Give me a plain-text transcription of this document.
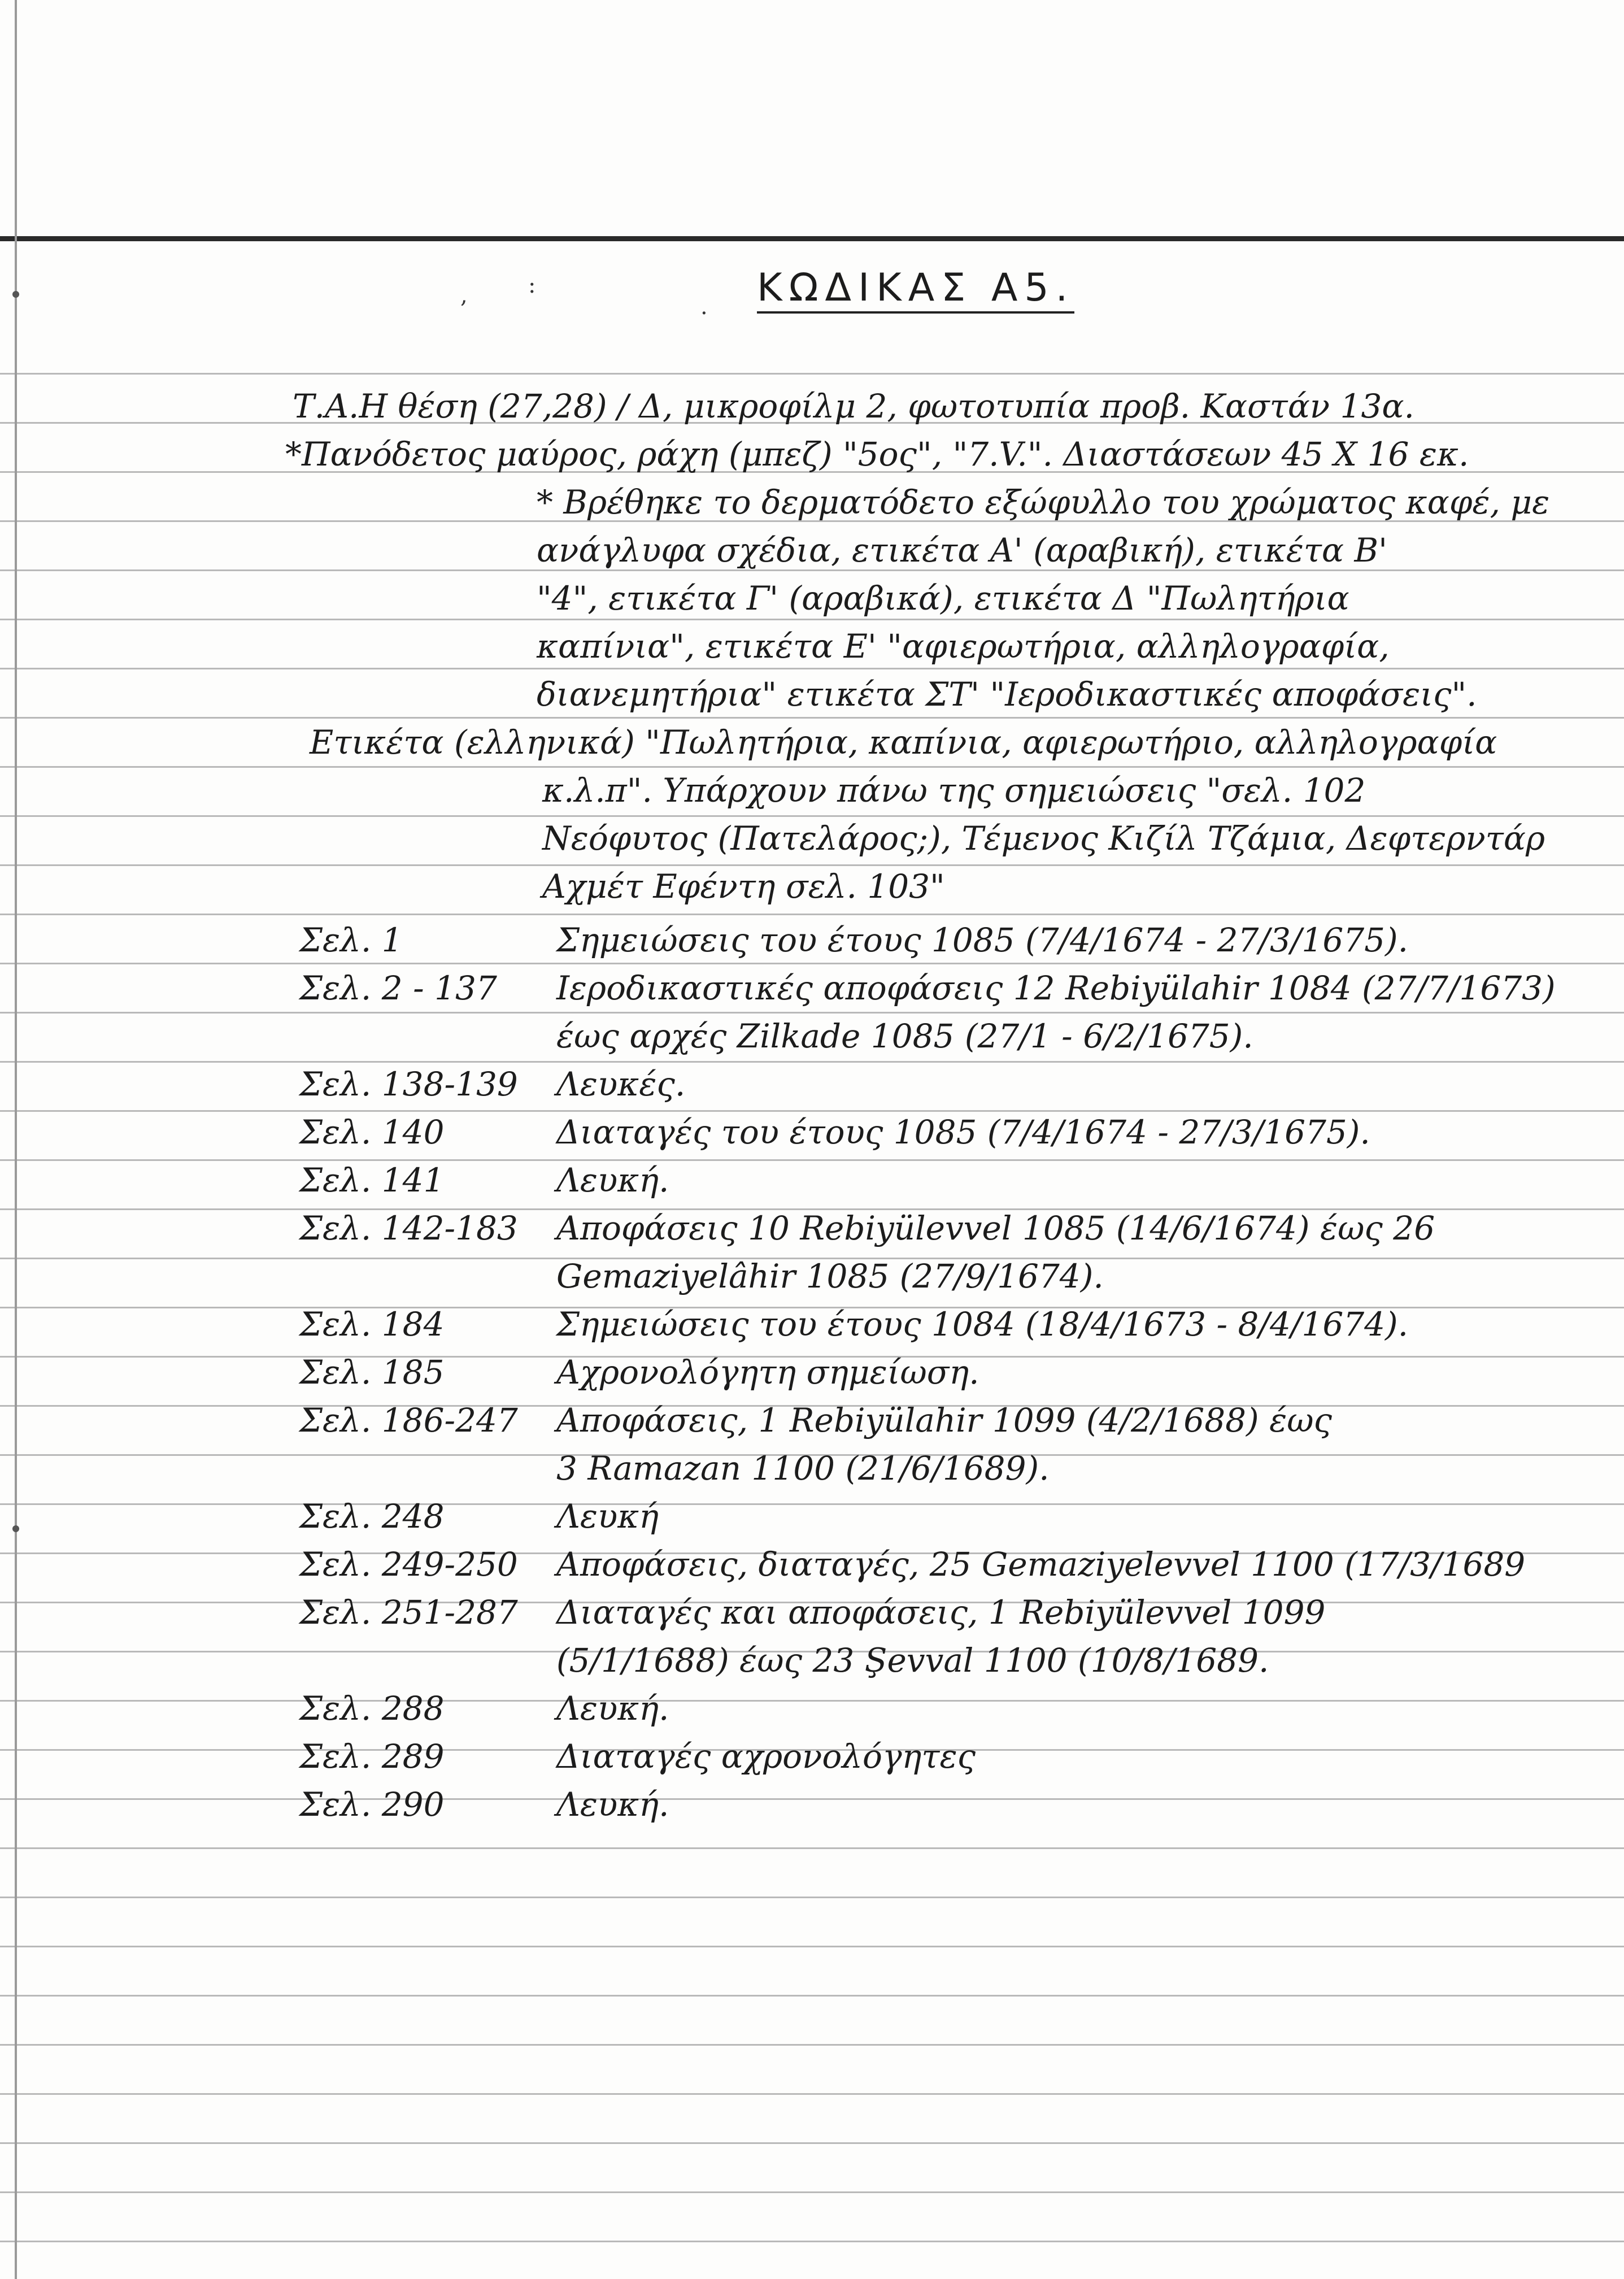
,	:
. ΚΩΔΙΚΑΣ Α5.
Τ.Α.Η θέση (27,28) / Δ, μικροφίλμ 2, φωτοτυπία προβ. Καστάν 13α.
*Πανόδετος μαύρος, ράχη (μπεζ) "5ος", "7.V.". Διαστάσεων 45 Χ 16 εκ.
* Βρέθηκε το δερματόδετο εξώφυλλο του χρώματος καφέ, με
ανάγλυφα σχέδια, ετικέτα Α' (αραβική), ετικέτα Β'
"4", ετικέτα Γ' (αραβικά), ετικέτα Δ "Πωλητήρια
καπίνια", ετικέτα Ε' "αφιερωτήρια, αλληλογραφία,
διανεμητήρια" ετικέτα ΣΤ' "Ιεροδικαστικές αποφάσεις".
Ετικέτα (ελληνικά) "Πωλητήρια, καπίνια, αφιερωτήριο, αλληλογραφία
κ.λ.π". Υπάρχουν πάνω της σημειώσεις "σελ. 102
Νεόφυτος (Πατελάρος;), Τέμενος Κιζίλ Τζάμια, Δεφτερντάρ
Αχμέτ Εφέντη σελ. 103"
Σελ. 1	Σημειώσεις του έτους 1085 (7/4/1674 - 27/3/1675).
Σελ. 2 - 137 Ιεροδικαστικές αποφάσεις 12 Rebiyülahir 1084 (27/7/1673)
έως αρχές Zilkade 1085 (27/1 - 6/2/1675).
Σελ. 138-139 Λευκές.
Σελ. 140	Διαταγές του έτους 1085 (7/4/1674 - 27/3/1675).
Σελ. 141	Λευκή.
Σελ. 142-183 Αποφάσεις 10 Rebiyülevvel 1085 (14/6/1674) έως 26
Gemaziyelâhir 1085 (27/9/1674).
Σελ. 184	Σημειώσεις του έτους 1084 (18/4/1673 - 8/4/1674).
Σελ. 185	Αχρονολόγητη σημείωση.
Σελ. 186-247 Αποφάσεις, 1 Rebiyülahir 1099 (4/2/1688) έως
3 Ramazan 1100 (21/6/1689).
Σελ. 248	Λευκή
Σελ. 249-250 Αποφάσεις, διαταγές, 25 Gemaziyelevvel 1100 (17/3/1689
Σελ. 251-287 Διαταγές και αποφάσεις, 1 Rebiyülevvel 1099
(5/1/1688) έως 23 Şevval 1100 (10/8/1689.
Σελ. 288	Λευκή.
Σελ. 289	Διαταγές αχρονολόγητες
Σελ. 290	Λευκή.
